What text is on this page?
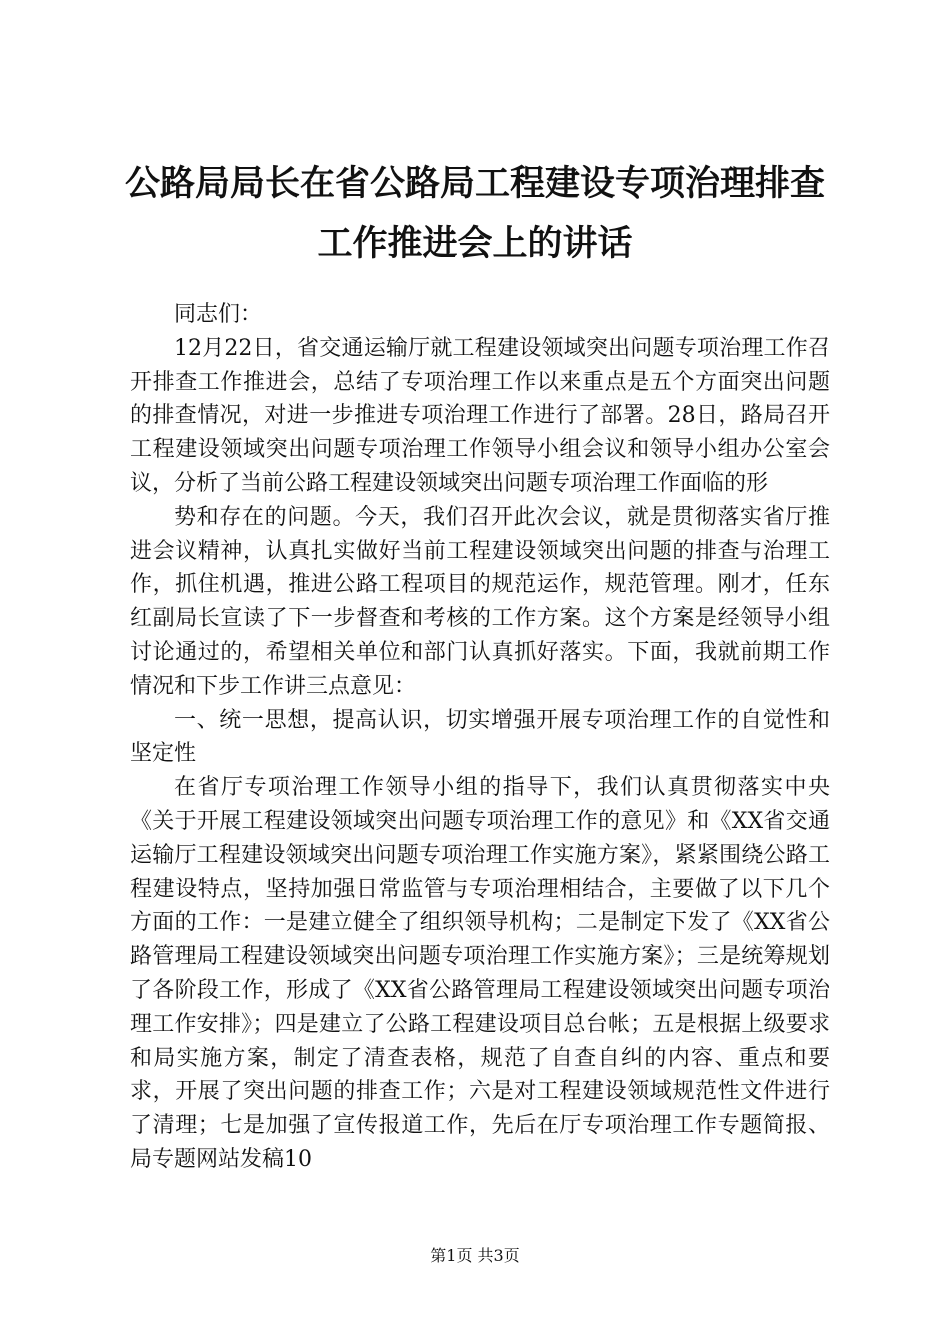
公路局局长在省公路局工程建设专项治理排查
工作推进会上的讲话

同志们：

12月22日，省交通运输厅就工程建设领域突出问题专项治理工作召开排查工作推进会，总结了专项治理工作以来重点是五个方面突出问题的排查情况，对进一步推进专项治理工作进行了部署。28日，路局召开工程建设领域突出问题专项治理工作领导小组会议和领导小组办公室会议，分析了当前公路工程建设领域突出问题专项治理工作面临的形

势和存在的问题。今天，我们召开此次会议，就是贯彻落实省厅推进会议精神，认真扎实做好当前工程建设领域突出问题的排查与治理工作，抓住机遇，推进公路工程项目的规范运作，规范管理。刚才，任东红副局长宣读了下一步督查和考核的工作方案。这个方案是经领导小组讨论通过的，希望相关单位和部门认真抓好落实。下面，我就前期工作情况和下步工作讲三点意见：

一、统一思想，提高认识，切实增强开展专项治理工作的自觉性和坚定性

在省厅专项治理工作领导小组的指导下，我们认真贯彻落实中央《关于开展工程建设领域突出问题专项治理工作的意见》和《XX省交通运输厅工程建设领域突出问题专项治理工作实施方案》，紧紧围绕公路工程建设特点，坚持加强日常监管与专项治理相结合，主要做了以下几个方面的工作：一是建立健全了组织领导机构；二是制定下发了《XX省公路管理局工程建设领域突出问题专项治理工作实施方案》；三是统筹规划了各阶段工作，形成了《XX省公路管理局工程建设领域突出问题专项治理工作安排》；四是建立了公路工程建设项目总台帐；五是根据上级要求和局实施方案，制定了清查表格，规范了自查自纠的内容、重点和要求，开展了突出问题的排查工作；六是对工程建设领域规范性文件进行了清理；七是加强了宣传报道工作，先后在厅专项治理工作专题简报、局专题网站发稿10

第1页 共3页
